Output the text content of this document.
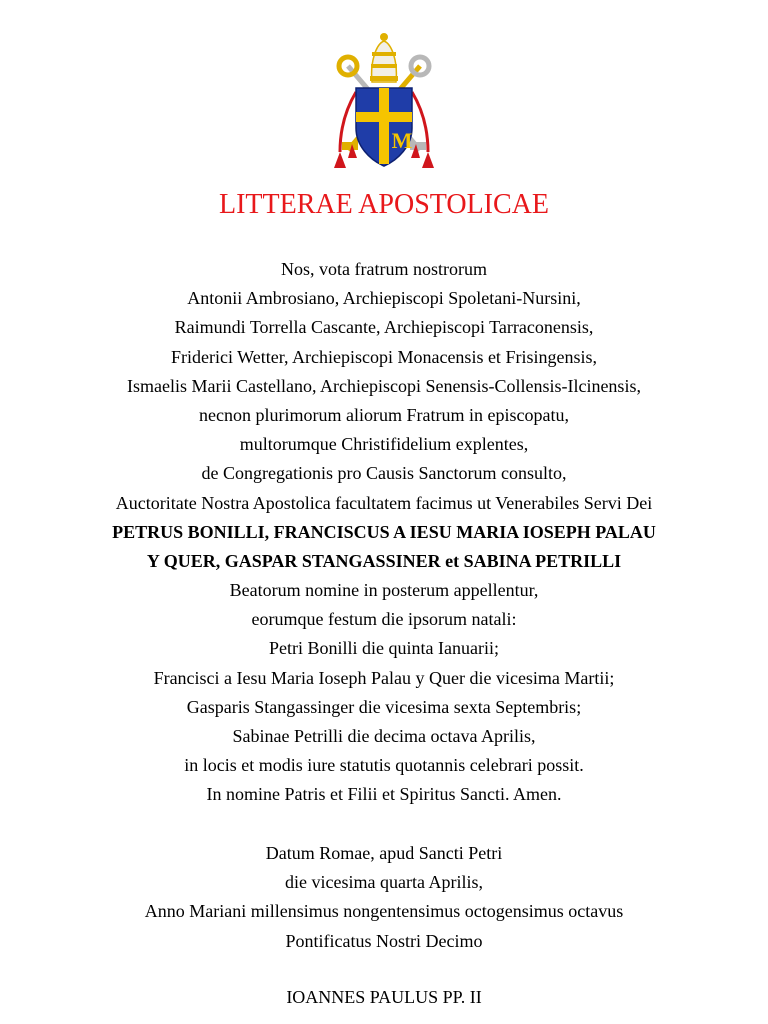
M
LITTERAE APOSTOLICAE
Nos, vota fratrum nostrorum
Antonii Ambrosiano, Archiepiscopi Spoletani-Nursini,
Raimundi Torrella Cascante, Archiepiscopi Tarraconensis,
Friderici Wetter, Archiepiscopi Monacensis et Frisingensis,
Ismaelis Marii Castellano, Archiepiscopi Senensis-Collensis-Ilcinensis,
necnon plurimorum aliorum Fratrum in episcopatu,
multorumque Christifidelium explentes,
de Congregationis pro Causis Sanctorum consulto,
Auctoritate Nostra Apostolica facultatem facimus ut Venerabiles Servi Dei
PETRUS BONILLI, FRANCISCUS A IESU MARIA IOSEPH PALAU
Y QUER, GASPAR STANGASSINER et SABINA PETRILLI
Beatorum nomine in posterum appellentur,
eorumque festum die ipsorum natali:
Petri Bonilli die quinta Ianuarii;
Francisci a Iesu Maria Ioseph Palau y Quer die vicesima Martii;
Gasparis Stangassinger die vicesima sexta Septembris;
Sabinae Petrilli die decima octava Aprilis,
in locis et modis iure statutis quotannis celebrari possit.
In nomine Patris et Filii et Spiritus Sancti. Amen.
Datum Romae, apud Sancti Petri
die vicesima quarta Aprilis,
Anno Mariani millensimus nongentensimus octogensimus octavus
Pontificatus Nostri Decimo
IOANNES PAULUS PP. II
